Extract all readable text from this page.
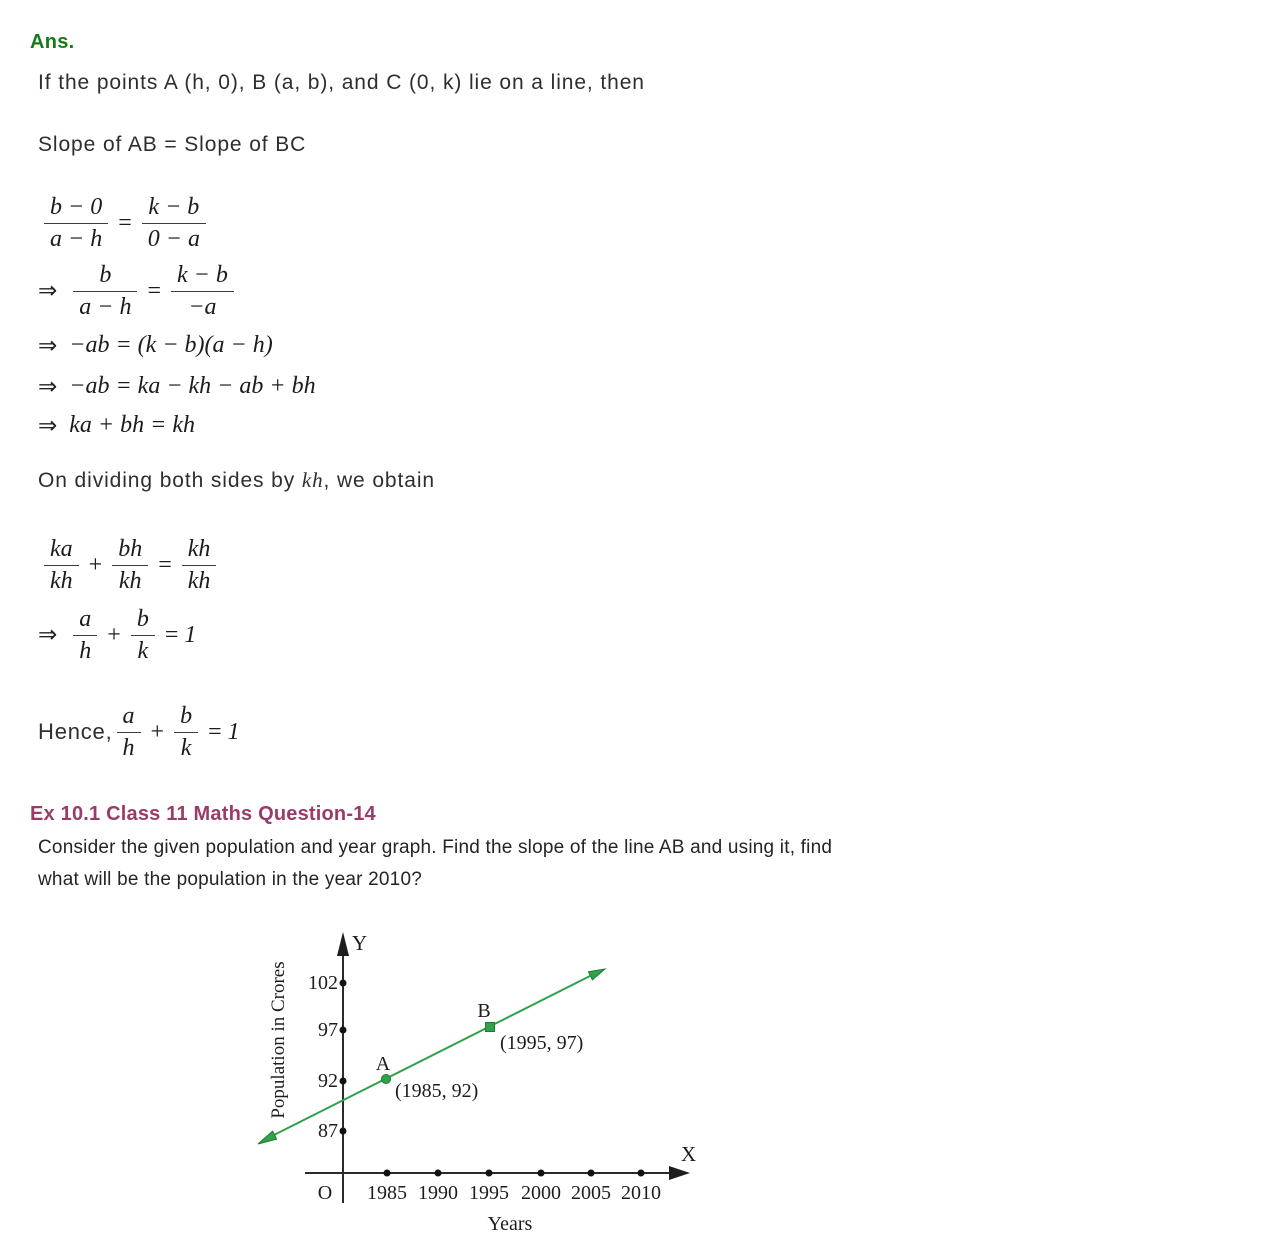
Ans.
If the points A (h, 0), B (a, b), and C (0, k) lie on a line, then
Slope of AB = Slope of BC
$\frac{b - 0}{a - h} = \frac{k - b}{0 - a}$
⇒ $\frac{b}{a - h} = \frac{k - b}{-a}$
⇒ −ab = (k − b)(a − h)
⇒ −ab = ka − kh − ab + bh
⇒ ka + bh = kh
On dividing both sides by kh, we obtain
$\frac{ka}{kh} + \frac{bh}{kh} = \frac{kh}{kh}$
⇒ $\frac{a}{h} + \frac{b}{k} = 1$
Hence, $\frac{a}{h} + \frac{b}{k} = 1$
Ex 10.1 Class 11 Maths Question-14
Consider the given population and year graph. Find the slope of the line AB and using it, find
what will be the population in the year 2010?
Y
X
O
Population in Crores 102
97
92
87
1985 1990 1995 2000 2005 2010
Years
A
(1985, 92)
B
(1995, 97)
